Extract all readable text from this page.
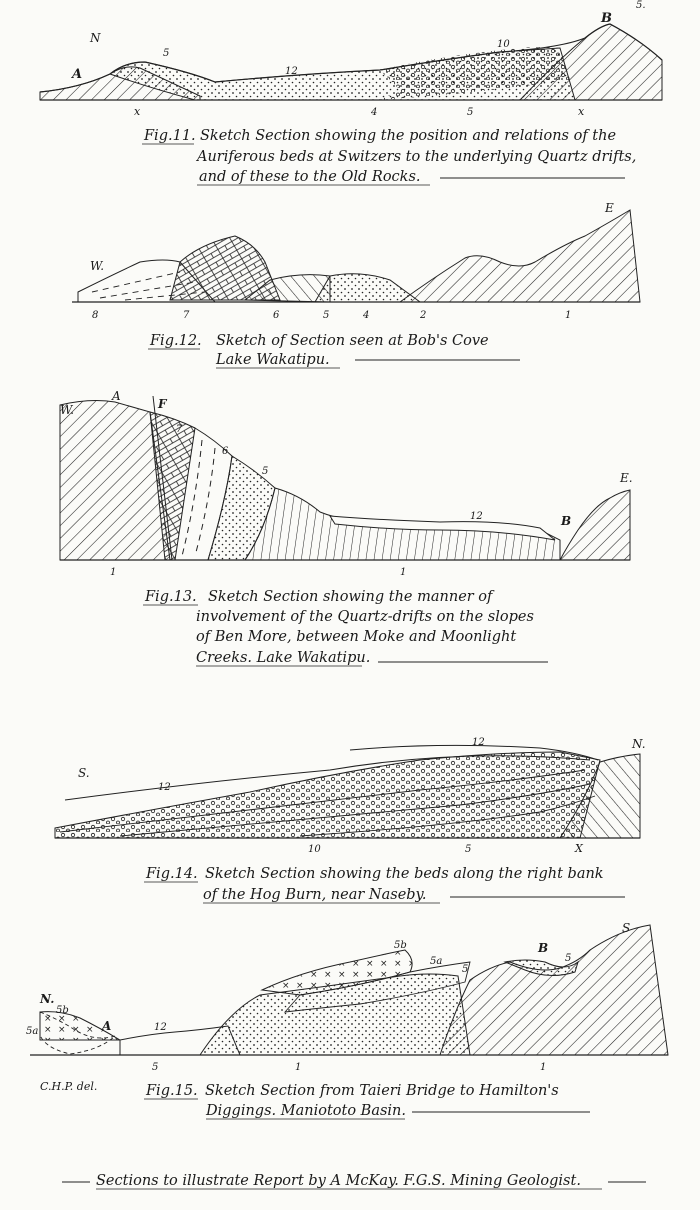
5.
N
A
B
5
12
10
x	4	5	x
Fig.11. Sketch Section showing the position and relations of the
Auriferous beds at Switzers to the underlying Quartz drifts,
and of these to the Old Rocks.
W.
E
8	7	6	5	4	2	1
Fig.12. Sketch of Section seen at Bob's Cove
Lake Wakatipu.
W.
A
F
7
6
5
12	B
E.
1	1
Fig.13. Sketch Section showing the manner of
involvement of the Quartz-drifts on the slopes
of Ben More, between Moke and Moonlight
Creeks. Lake Wakatipu.
S.
12
12	N.
10	5	X
Fig.14. Sketch Section showing the beds along the right bank
of the Hog Burn, near Naseby.
N.
5a
5b
A	12
5	1
5b
5a
5
B
5
S
1
C.H.P. del.	Fig.15. Sketch Section from Taieri Bridge to Hamilton's
Diggings. Maniototo Basin.
Sections to illustrate Report by A McKay. F.G.S. Mining Geologist.
